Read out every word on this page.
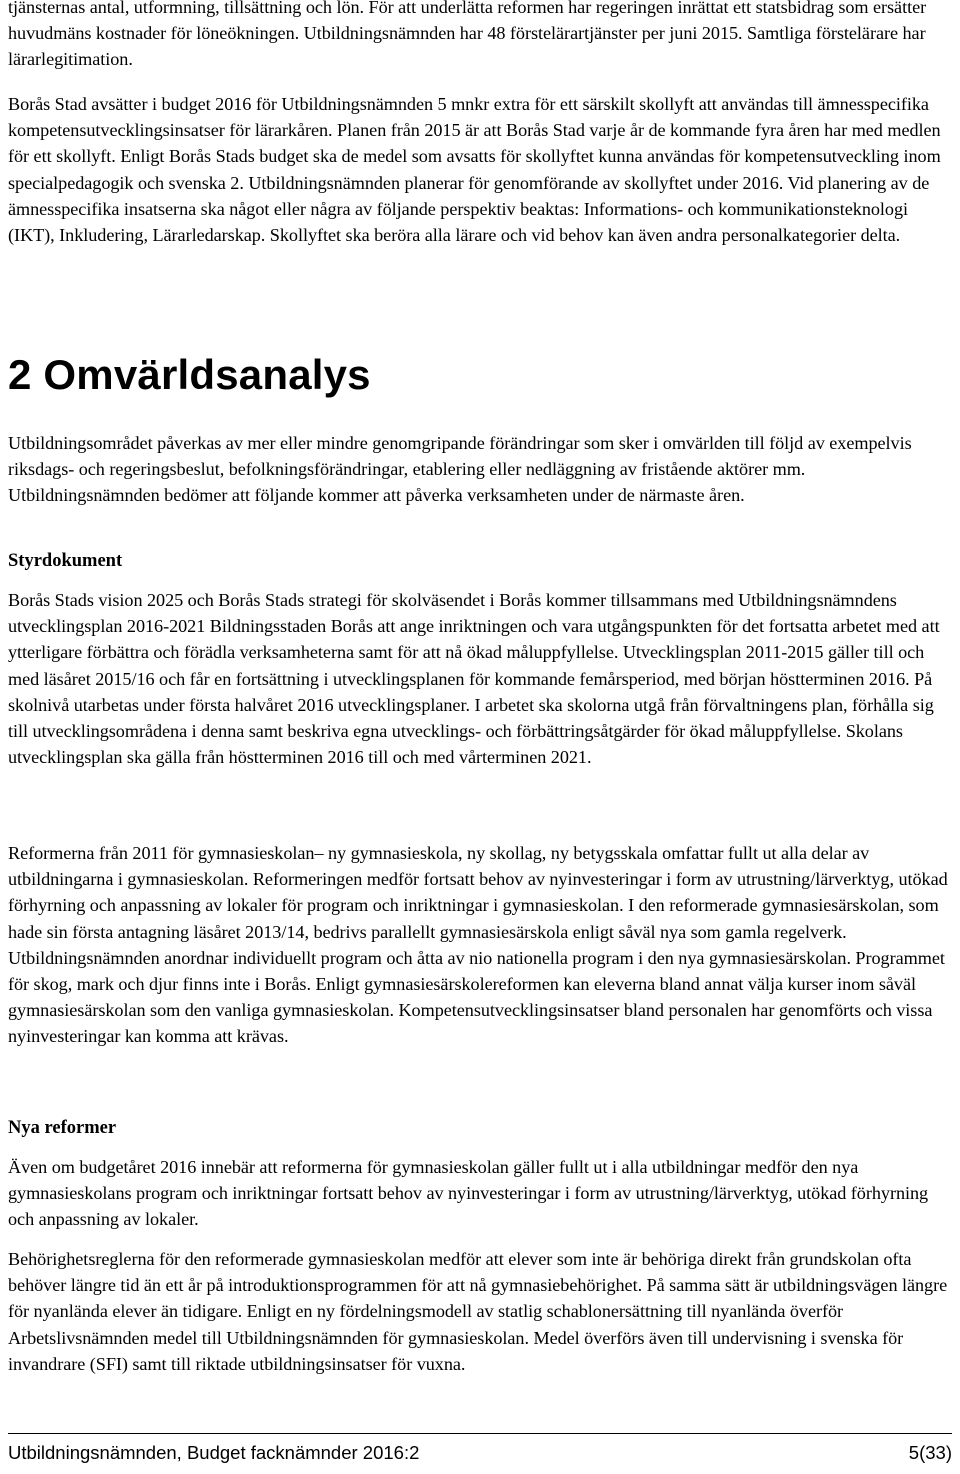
tjänsternas antal, utformning, tillsättning och lön. För att underlätta reformen har regeringen inrättat ett statsbidrag som ersätter huvudmäns kostnader för löneökningen. Utbildningsnämnden har 48 förstelärartjänster per juni 2015. Samtliga förstelärare har lärarlegitimation.

Borås Stad avsätter i budget 2016 för Utbildningsnämnden 5 mnkr extra för ett särskilt skollyft att användas till ämnesspecifika kompetensutvecklingsinsatser för lärarkåren. Planen från 2015 är att Borås Stad varje år de kommande fyra åren har med medlen för ett skollyft. Enligt Borås Stads budget ska de medel som avsatts för skollyftet kunna användas för kompetensutveckling inom specialpedagogik och svenska 2. Utbildningsnämnden planerar för genomförande av skollyftet under 2016. Vid planering av de ämnesspecifika insatserna ska något eller några av följande perspektiv beaktas: Informations- och kommunikationsteknologi (IKT), Inkludering, Lärarledarskap. Skollyftet ska beröra alla lärare och vid behov kan även andra personalkategorier delta.

2 Omvärldsanalys

Utbildningsområdet påverkas av mer eller mindre genomgripande förändringar som sker i omvärlden till följd av exempelvis riksdags- och regeringsbeslut, befolkningsförändringar, etablering eller nedläggning av fristående aktörer mm. Utbildningsnämnden bedömer att följande kommer att påverka verksamheten under de närmaste åren.

Styrdokument

Borås Stads vision 2025 och Borås Stads strategi för skolväsendet i Borås kommer tillsammans med Utbildningsnämndens utvecklingsplan 2016-2021 Bildningsstaden Borås att ange inriktningen och vara utgångspunkten för det fortsatta arbetet med att ytterligare förbättra och förädla verksamheterna samt för att nå ökad måluppfyllelse. Utvecklingsplan 2011-2015 gäller till och med läsåret 2015/16 och får en fortsättning i utvecklingsplanen för kommande femårsperiod, med början höstterminen 2016. På skolnivå utarbetas under första halvåret 2016 utvecklingsplaner. I arbetet ska skolorna utgå från förvaltningens plan, förhålla sig till utvecklingsområdena i denna samt beskriva egna utvecklings- och förbättringsåtgärder för ökad måluppfyllelse. Skolans utvecklingsplan ska gälla från höstterminen 2016 till och med vårterminen 2021.

Reformerna från 2011 för gymnasieskolan– ny gymnasieskola, ny skollag, ny betygsskala omfattar fullt ut alla delar av utbildningarna i gymnasieskolan. Reformeringen medför fortsatt behov av nyinvesteringar i form av utrustning/lärverktyg, utökad förhyrning och anpassning av lokaler för program och inriktningar i gymnasieskolan. I den reformerade gymnasiesärskolan, som hade sin första antagning läsåret 2013/14, bedrivs parallellt gymnasiesärskola enligt såväl nya som gamla regelverk. Utbildningsnämnden anordnar individuellt program och åtta av nio nationella program i den nya gymnasiesärskolan. Programmet för skog, mark och djur finns inte i Borås. Enligt gymnasiesärskolereformen kan eleverna bland annat välja kurser inom såväl gymnasiesärskolan som den vanliga gymnasieskolan. Kompetensutvecklingsinsatser bland personalen har genomförts och vissa nyinvesteringar kan komma att krävas.

Nya reformer

Även om budgetåret 2016 innebär att reformerna för gymnasieskolan gäller fullt ut i alla utbildningar medför den nya gymnasieskolans program och inriktningar fortsatt behov av nyinvesteringar i form av utrustning/lärverktyg, utökad förhyrning och anpassning av lokaler.

Behörighetsreglerna för den reformerade gymnasieskolan medför att elever som inte är behöriga direkt från grundskolan ofta behöver längre tid än ett år på introduktionsprogrammen för att nå gymnasiebehörighet. På samma sätt är utbildningsvägen längre för nyanlända elever än tidigare. Enligt en ny fördelningsmodell av statlig schablonersättning till nyanlända överför Arbetslivsnämnden medel till Utbildningsnämnden för gymnasieskolan. Medel överförs även till undervisning i svenska för invandrare (SFI) samt till riktade utbildningsinsatser för vuxna.

Utbildningsnämnden, Budget facknämnder 2016:2	5(33)
